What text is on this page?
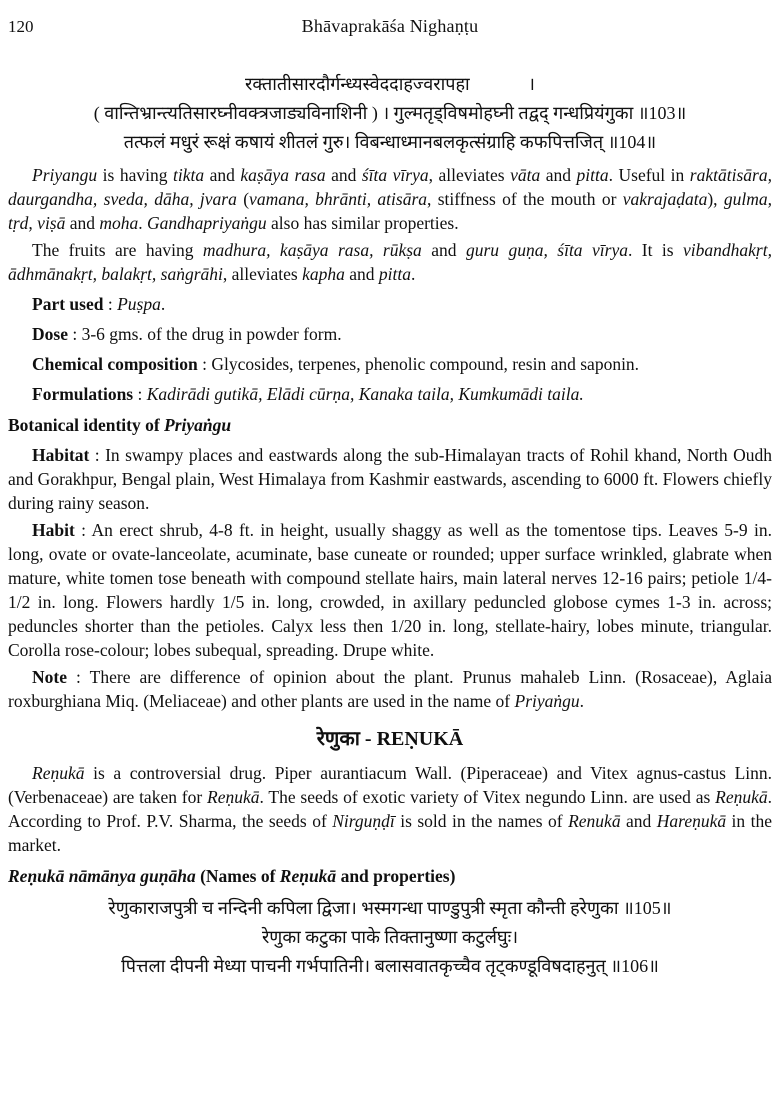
120	Bhāvaprakāśa Nighaṇṭu
रक्तातीसारदौर्गन्ध्यस्वेददाहज्वरापहा             ।
( वान्तिभ्रान्त्यतिसारघ्नीवक्त्रजाड्यविनाशिनी ) । गुल्मतृड्विषमोहघ्नी तद्वद् गन्धप्रियंगुका ॥103॥
तत्फलं मधुरं रूक्षं कषायं शीतलं गुरु। विबन्धाध्मानबलकृत्संग्राहि कफपित्तजित् ॥104॥

Priyangu is having tikta and kaṣāya rasa and śīta vīrya, alleviates vāta and pitta. Useful in raktātisāra, daurgandha, sveda, dāha, jvara (vamana, bhrānti, atisāra, stiffness of the mouth or vakrajaḍata), gulma, tṛd, viṣā and moha. Gandhapriyaṅgu also has similar properties.

The fruits are having madhura, kaṣāya rasa, rūkṣa and guru guṇa, śīta vīrya. It is vibandhakṛt, ādhmānakṛt, balakṛt, saṅgrāhi, alleviates kapha and pitta.

Part used : Puṣpa.

Dose : 3-6 gms. of the drug in powder form.

Chemical composition : Glycosides, terpenes, phenolic compound, resin and saponin.

Formulations : Kadirādi gutikā, Elādi cūrṇa, Kanaka taila, Kumkumādi taila.

Botanical identity of Priyaṅgu

Habitat : In swampy places and eastwards along the sub-Himalayan tracts of Rohil khand, North Oudh and Gorakhpur, Bengal plain, West Himalaya from Kashmir eastwards, ascending to 6000 ft. Flowers chiefly during rainy season.

Habit : An erect shrub, 4-8 ft. in height, usually shaggy as well as the tomentose tips. Leaves 5-9 in. long, ovate or ovate-lanceolate, acuminate, base cuneate or rounded; upper surface wrinkled, glabrate when mature, white tomen tose beneath with compound stellate hairs, main lateral nerves 12-16 pairs; petiole 1/4-1/2 in. long. Flowers hardly 1/5 in. long, crowded, in axillary peduncled globose cymes 1-3 in. across; peduncles shorter than the petioles. Calyx less then 1/20 in. long, stellate-hairy, lobes minute, triangular. Corolla rose-colour; lobes subequal, spreading. Drupe white.

Note : There are difference of opinion about the plant. Prunus mahaleb Linn. (Rosaceae), Aglaia roxburghiana Miq. (Meliaceae) and other plants are used in the name of Priyaṅgu.

रेणुका - REṆUKĀ

Reṇukā is a controversial drug. Piper aurantiacum Wall. (Piperaceae) and Vitex agnus-castus Linn. (Verbenaceae) are taken for Reṇukā. The seeds of exotic variety of Vitex negundo Linn. are used as Reṇukā. According to Prof. P.V. Sharma, the seeds of Nirguṇḍī is sold in the names of Renukā and Hareṇukā in the market.

Reṇukā nāmānya guṇāha (Names of Reṇukā and properties)
रेणुकाराजपुत्री च नन्दिनी कपिला द्विजा। भस्मगन्धा पाण्डुपुत्री स्मृता कौन्ती हरेणुका ॥105॥
रेणुका कटुका पाके तिक्तानुष्णा कटुर्लघुः।
पित्तला दीपनी मेध्या पाचनी गर्भपातिनी। बलासवातकृच्चैव तृट्कण्डूविषदाहनुत् ॥106॥
